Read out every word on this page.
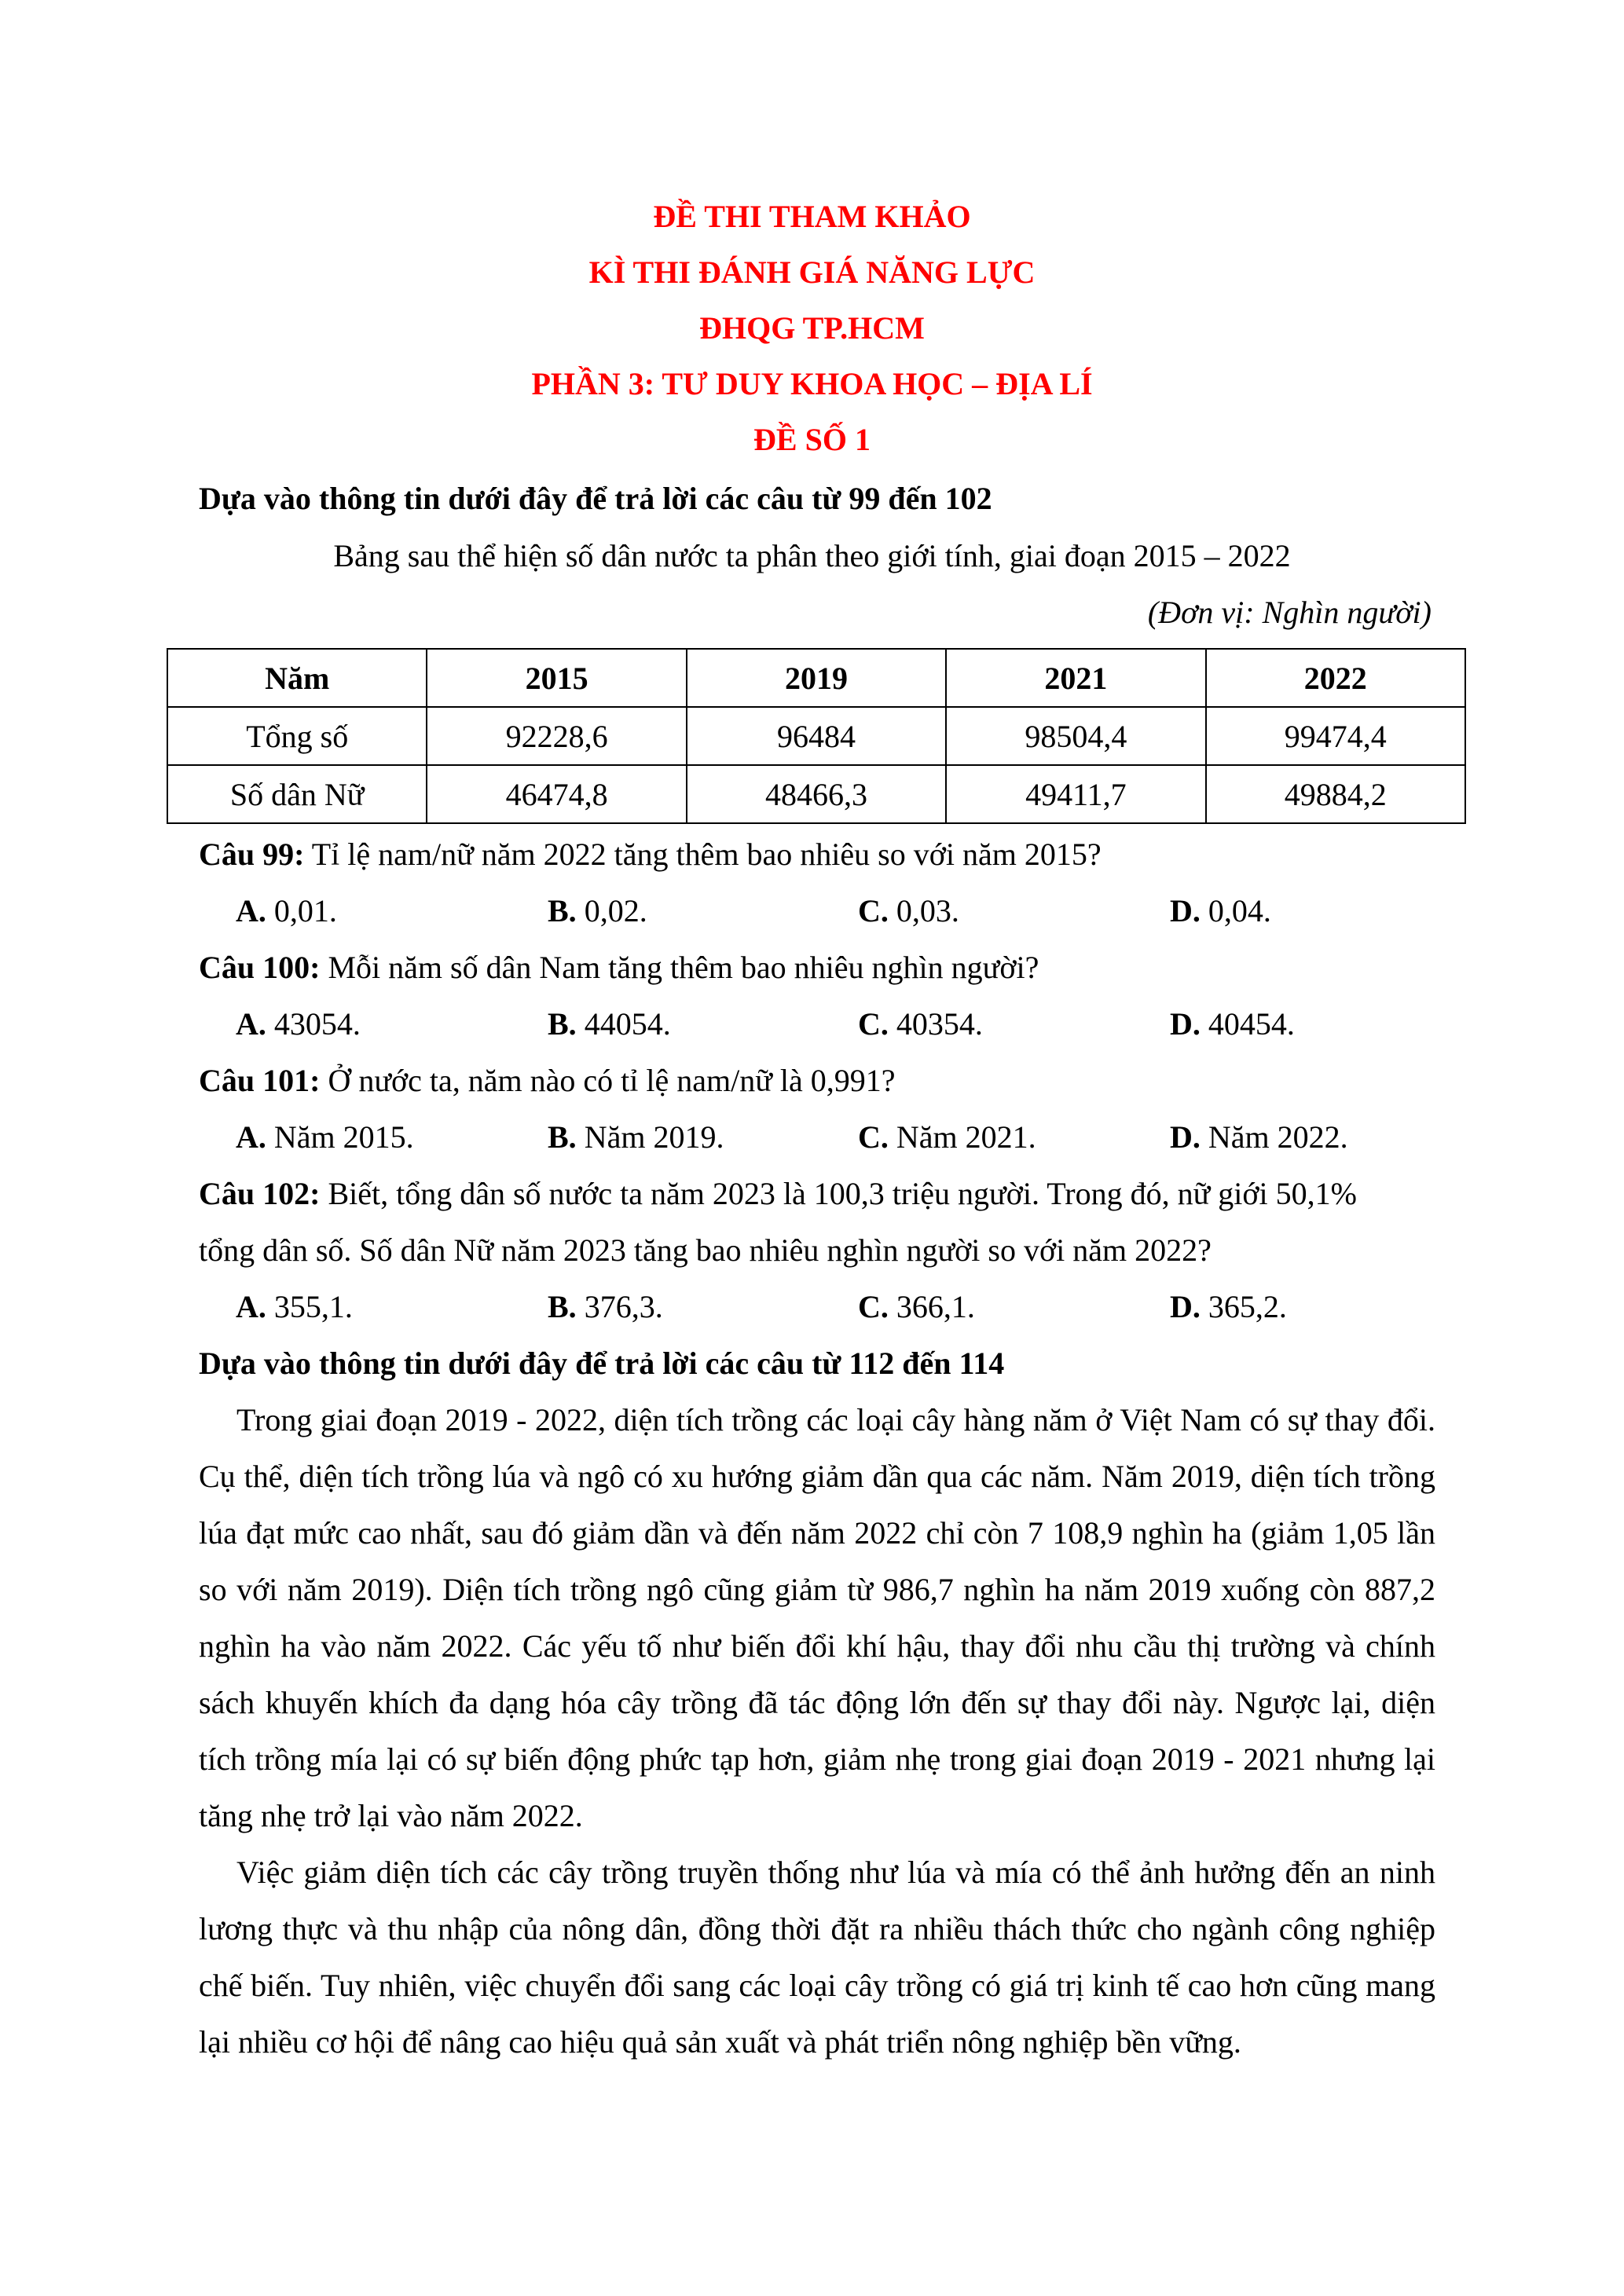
ĐỀ THI THAM KHẢO
KÌ THI ĐÁNH GIÁ NĂNG LỰC
ĐHQG TP.HCM
PHẦN 3: TƯ DUY KHOA HỌC – ĐỊA LÍ
ĐỀ SỐ 1
Dựa vào thông tin dưới đây để trả lời các câu từ 99 đến 102
Bảng sau thể hiện số dân nước ta phân theo giới tính, giai đoạn 2015 – 2022
(Đơn vị: Nghìn người)
Năm	2015	2019	2021	2022
Tổng số	92228,6	96484	98504,4	99474,4
Số dân Nữ	46474,8	48466,3	49411,7	49884,2
Câu 99: Tỉ lệ nam/nữ năm 2022 tăng thêm bao nhiêu so với năm 2015?
A. 0,01.	B. 0,02.	C. 0,03.	D. 0,04.
Câu 100: Mỗi năm số dân Nam tăng thêm bao nhiêu nghìn người?
A. 43054.	B. 44054.	C. 40354.	D. 40454.
Câu 101: Ở nước ta, năm nào có tỉ lệ nam/nữ là 0,991?
A. Năm 2015.	B. Năm 2019.	C. Năm 2021.	D. Năm 2022.
Câu 102: Biết, tổng dân số nước ta năm 2023 là 100,3 triệu người. Trong đó, nữ giới 50,1%
tổng dân số. Số dân Nữ năm 2023 tăng bao nhiêu nghìn người so với năm 2022?
A. 355,1.	B. 376,3.	C. 366,1.	D. 365,2.
Dựa vào thông tin dưới đây để trả lời các câu từ 112 đến 114
Trong giai đoạn 2019 - 2022, diện tích trồng các loại cây hàng năm ở Việt Nam có sự thay đổi. Cụ thể, diện tích trồng lúa và ngô có xu hướng giảm dần qua các năm. Năm 2019, diện tích trồng lúa đạt mức cao nhất, sau đó giảm dần và đến năm 2022 chỉ còn 7 108,9 nghìn ha (giảm 1,05 lần so với năm 2019). Diện tích trồng ngô cũng giảm từ 986,7 nghìn ha năm 2019 xuống còn 887,2 nghìn ha vào năm 2022. Các yếu tố như biến đổi khí hậu, thay đổi nhu cầu thị trường và chính sách khuyến khích đa dạng hóa cây trồng đã tác động lớn đến sự thay đổi này. Ngược lại, diện tích trồng mía lại có sự biến động phức tạp hơn, giảm nhẹ trong giai đoạn 2019 - 2021 nhưng lại tăng nhẹ trở lại vào năm 2022.
Việc giảm diện tích các cây trồng truyền thống như lúa và mía có thể ảnh hưởng đến an ninh lương thực và thu nhập của nông dân, đồng thời đặt ra nhiều thách thức cho ngành công nghiệp chế biến. Tuy nhiên, việc chuyển đổi sang các loại cây trồng có giá trị kinh tế cao hơn cũng mang lại nhiều cơ hội để nâng cao hiệu quả sản xuất và phát triển nông nghiệp bền vững.
